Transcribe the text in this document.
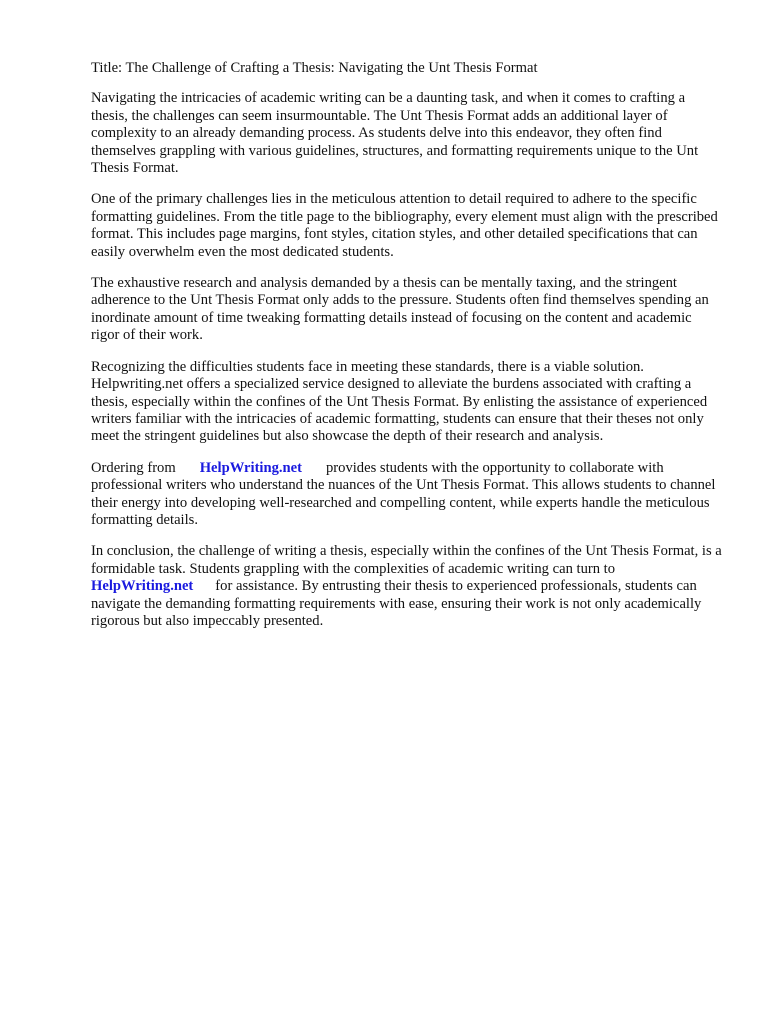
Title: The Challenge of Crafting a Thesis: Navigating the Unt Thesis Format

Navigating the intricacies of academic writing can be a daunting task, and when it comes to crafting a thesis, the challenges can seem insurmountable. The Unt Thesis Format adds an additional layer of complexity to an already demanding process. As students delve into this endeavor, they often find themselves grappling with various guidelines, structures, and formatting requirements unique to the Unt Thesis Format.

One of the primary challenges lies in the meticulous attention to detail required to adhere to the specific formatting guidelines. From the title page to the bibliography, every element must align with the prescribed format. This includes page margins, font styles, citation styles, and other detailed specifications that can easily overwhelm even the most dedicated students.

The exhaustive research and analysis demanded by a thesis can be mentally taxing, and the stringent adherence to the Unt Thesis Format only adds to the pressure. Students often find themselves spending an inordinate amount of time tweaking formatting details instead of focusing on the content and academic rigor of their work.

Recognizing the difficulties students face in meeting these standards, there is a viable solution. Helpwriting.net offers a specialized service designed to alleviate the burdens associated with crafting a thesis, especially within the confines of the Unt Thesis Format. By enlisting the assistance of experienced writers familiar with the intricacies of academic formatting, students can ensure that their theses not only meet the stringent guidelines but also showcase the depth of their research and analysis.

Ordering from HelpWriting.net provides students with the opportunity to collaborate with professional writers who understand the nuances of the Unt Thesis Format. This allows students to channel their energy into developing well-researched and compelling content, while experts handle the meticulous formatting details.

In conclusion, the challenge of writing a thesis, especially within the confines of the Unt Thesis Format, is a formidable task. Students grappling with the complexities of academic writing can turn toHelpWriting.net for assistance. By entrusting their thesis to experienced professionals, students can navigate the demanding formatting requirements with ease, ensuring their work is not only academically rigorous but also impeccably presented.
